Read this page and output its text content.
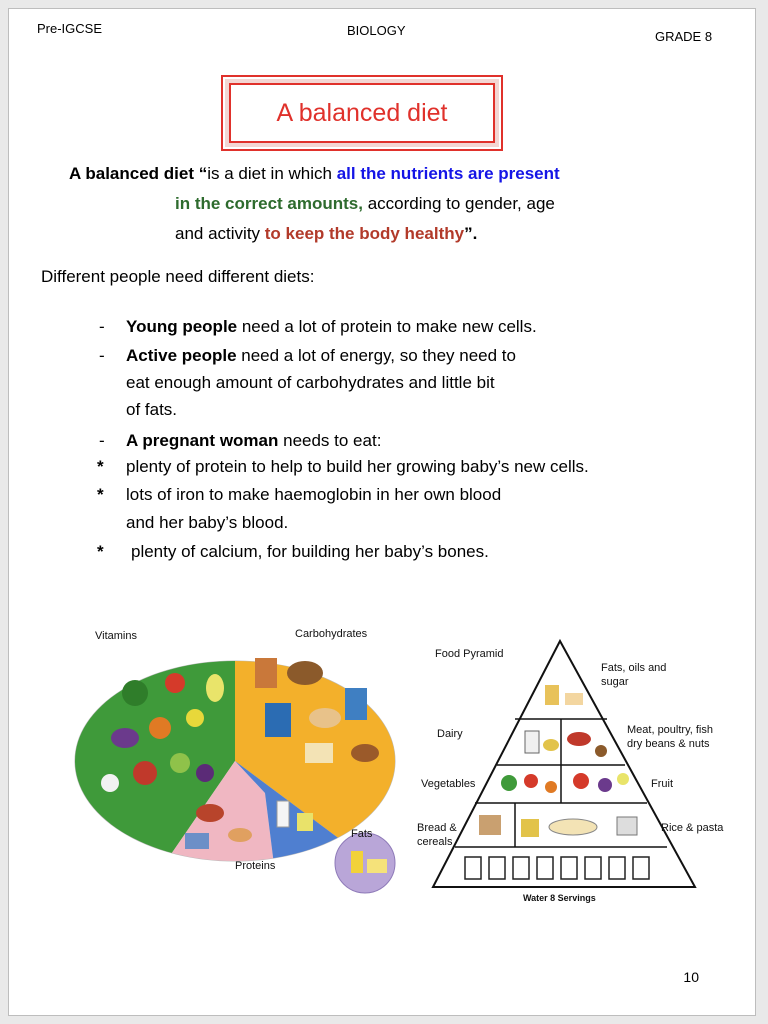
Pre-IGCSE	BIOLOGY	GRADE 8
A balanced diet
A balanced diet “is a diet in which all the nutrients are present
in the correct amounts, according to gender, age
and activity to keep the body healthy”.
Different people need different diets:
- Young people need a lot of protein to make new cells.
- Active people need a lot of energy, so they need to
eat enough amount of carbohydrates and little bit
of fats.
- A pregnant woman needs to eat:
* plenty of protein to help to build her growing baby’s new cells.
* lots of iron to make haemoglobin in her own blood
and her baby’s blood.
* plenty of calcium, for building her baby’s bones.
Vitamins	Carbohydrates
Proteins
Fats
Food Pyramid
Dairy
Vegetables
Bread &
cereals
Fats, oils and
sugar
Meat, poultry, fish
dry beans & nuts
Fruit
Rice & pasta
Water 8 Servings
10
